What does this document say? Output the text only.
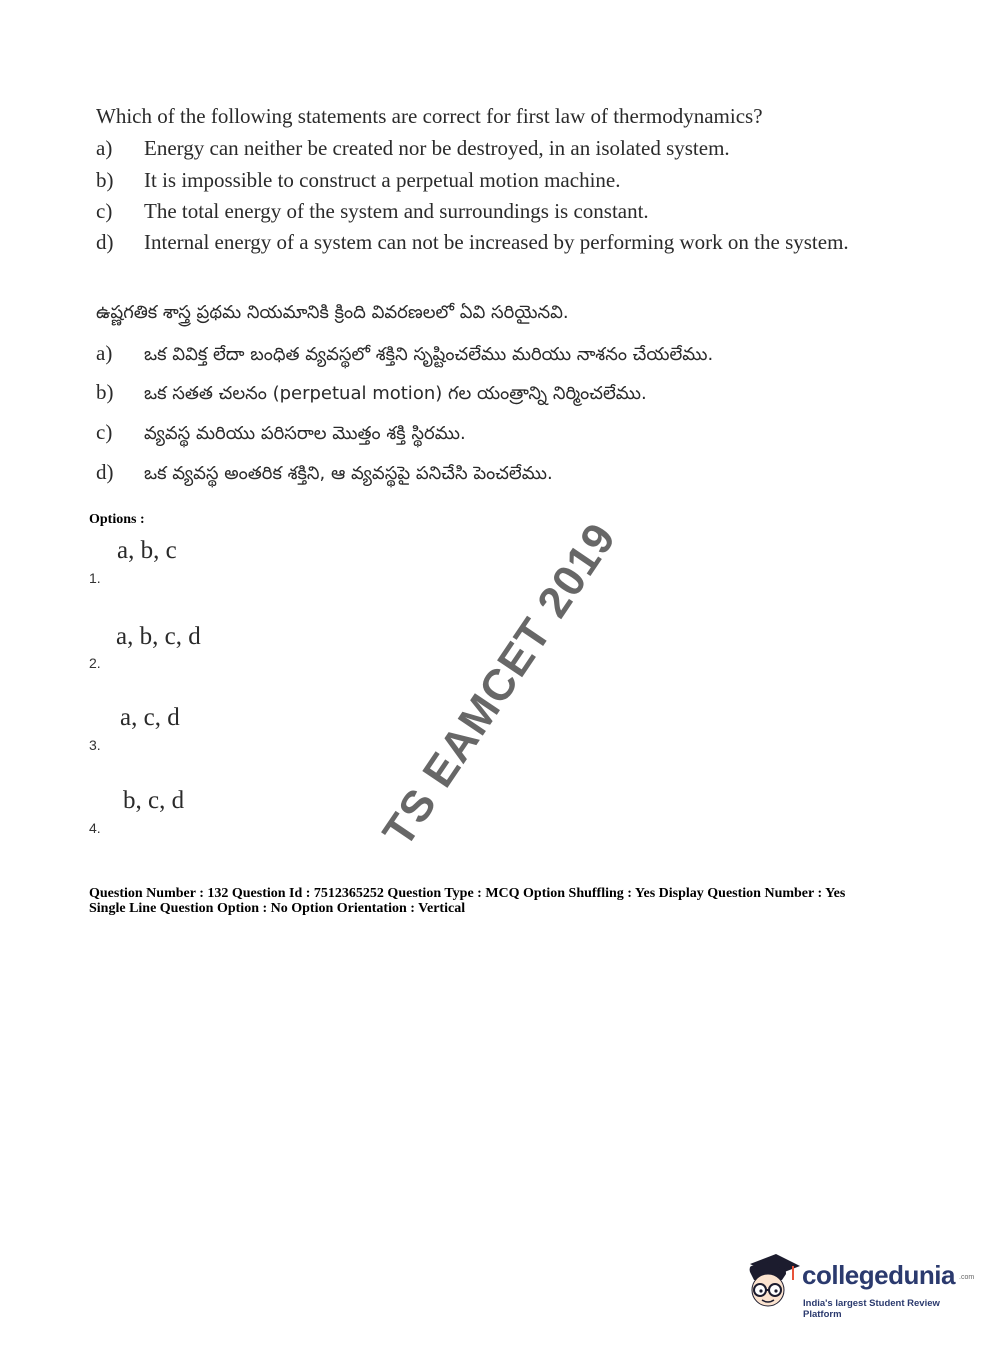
Which of the following statements are correct for first law of thermodynamics?
a) Energy can neither be created nor be destroyed, in an isolated system.
b) It is impossible to construct a perpetual motion machine.
c) The total energy of the system and surroundings is constant.
d) Internal energy of a system can not be increased by performing work on the system.
ఉష్ణగతిక శాస్త్ర ప్రథమ నియమానికి క్రింది వివరణలలో ఏవి సరియైనవి.
a) ఒక వివిక్త లేదా బంధిత వ్యవస్థలో శక్తిని సృష్టించలేము మరియు నాశనం చేయలేము.
b) ఒక సతత చలనం (perpetual motion) గల యంత్రాన్ని నిర్మించలేము.
c) వ్యవస్థ మరియు పరిసరాల మొత్తం శక్తి స్థిరము.
d) ఒక వ్యవస్థ అంతరిక శక్తిని, ఆ వ్యవస్థపై పనిచేసి పెంచలేము.
Options :
a, b, c
1.
a, b, c, d
2.
a, c, d
3.
b, c, d
4.
Question Number : 132 Question Id : 7512365252 Question Type : MCQ Option Shuffling : Yes Display Question Number : Yes
Single Line Question Option : No Option Orientation : Vertical
TS EAMCET 2019
collegedunia .com
India's largest Student Review Platform
